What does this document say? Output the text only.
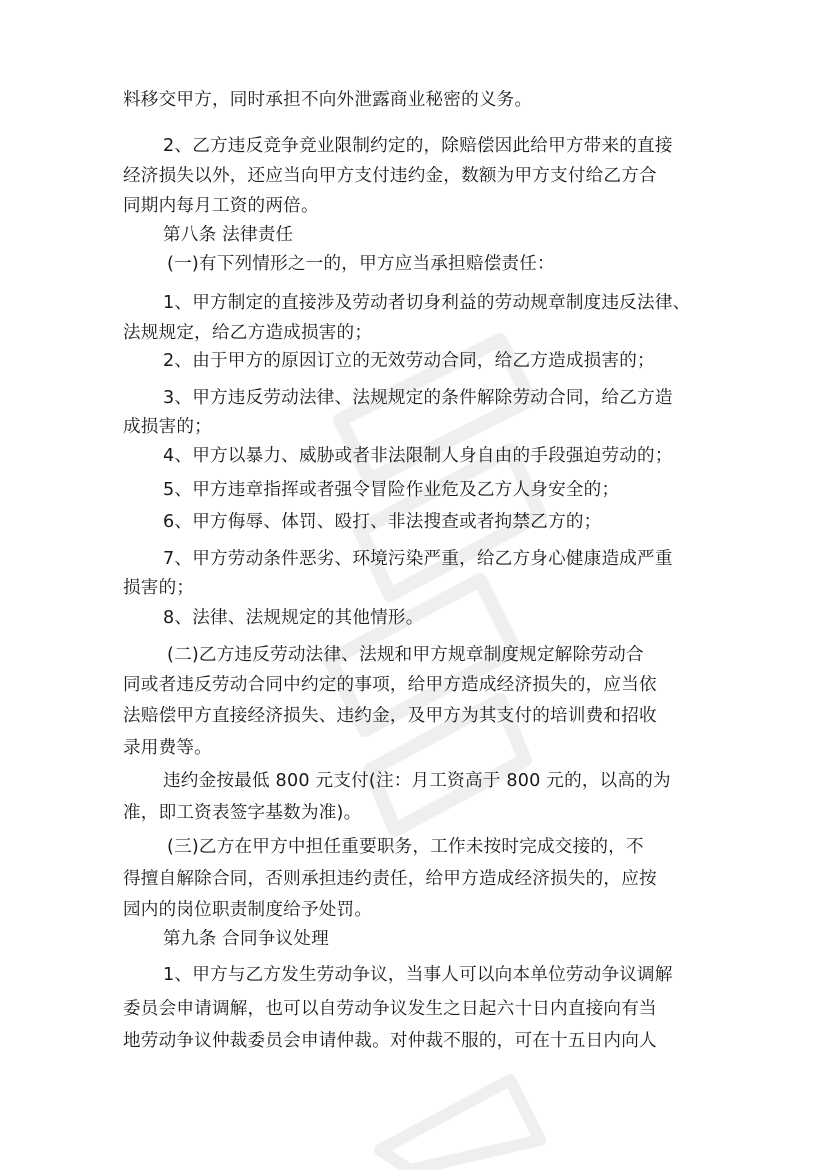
料移交甲方，同时承担不向外泄露商业秘密的义务。
2、乙方违反竞争竞业限制约定的，除赔偿因此给甲方带来的直接
经济损失以外，还应当向甲方支付违约金，数额为甲方支付给乙方合
同期内每月工资的两倍。
第八条 法律责任
(一)有下列情形之一的，甲方应当承担赔偿责任：
1、甲方制定的直接涉及劳动者切身利益的劳动规章制度违反法律、
法规规定，给乙方造成损害的；
2、由于甲方的原因订立的无效劳动合同，给乙方造成损害的；
3、甲方违反劳动法律、法规规定的条件解除劳动合同，给乙方造
成损害的；
4、甲方以暴力、威胁或者非法限制人身自由的手段强迫劳动的；
5、甲方违章指挥或者强令冒险作业危及乙方人身安全的；
6、甲方侮辱、体罚、殴打、非法搜查或者拘禁乙方的；
7、甲方劳动条件恶劣、环境污染严重，给乙方身心健康造成严重
损害的；
8、法律、法规规定的其他情形。
(二)乙方违反劳动法律、法规和甲方规章制度规定解除劳动合
同或者违反劳动合同中约定的事项，给甲方造成经济损失的，应当依
法赔偿甲方直接经济损失、违约金，及甲方为其支付的培训费和招收
录用费等。
违约金按最低 800 元支付(注：月工资高于 800 元的，以高的为
准，即工资表签字基数为准)。
(三)乙方在甲方中担任重要职务，工作未按时完成交接的，不
得擅自解除合同，否则承担违约责任，给甲方造成经济损失的，应按
园内的岗位职责制度给予处罚。
第九条 合同争议处理
1、甲方与乙方发生劳动争议，当事人可以向本单位劳动争议调解
委员会申请调解，也可以自劳动争议发生之日起六十日内直接向有当
地劳动争议仲裁委员会申请仲裁。对仲裁不服的，可在十五日内向人
